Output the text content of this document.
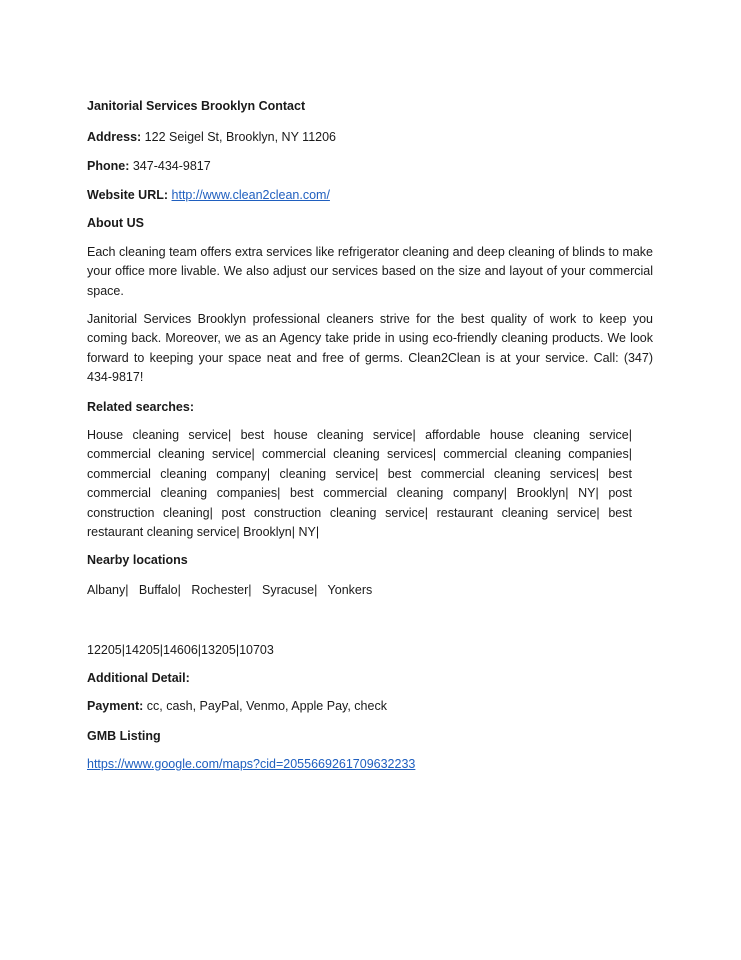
Janitorial Services Brooklyn Contact

Address: 122 Seigel St, Brooklyn, NY 11206

Phone: 347-434-9817

Website URL: http://www.clean2clean.com/

About US

Each cleaning team offers extra services like refrigerator cleaning and deep cleaning of blinds to make your office more livable. We also adjust our services based on the size and layout of your commercial space.

Janitorial Services Brooklyn professional cleaners strive for the best quality of work to keep you coming back. Moreover, we as an Agency take pride in using eco-friendly cleaning products. We look forward to keeping your space neat and free of germs. Clean2Clean is at your service. Call: (347) 434-9817!

Related searches:

House cleaning service | best house cleaning service | affordable house cleaning service | commercial cleaning service | commercial cleaning services | commercial cleaning companies | commercial cleaning company | cleaning service | best commercial cleaning services | best commercial cleaning companies | best commercial cleaning company | Brooklyn | NY | post construction cleaning | post construction cleaning service | restaurant cleaning service | best restaurant cleaning service | Brooklyn | NY |

Nearby locations

Albany | Buffalo | Rochester | Syracuse | Yonkers

12205 | 14205 | 14606 | 13205 | 10703

Additional Detail:

Payment: cc, cash, PayPal, Venmo, Apple Pay, check

GMB Listing

https://www.google.com/maps?cid=2055669261709632233
